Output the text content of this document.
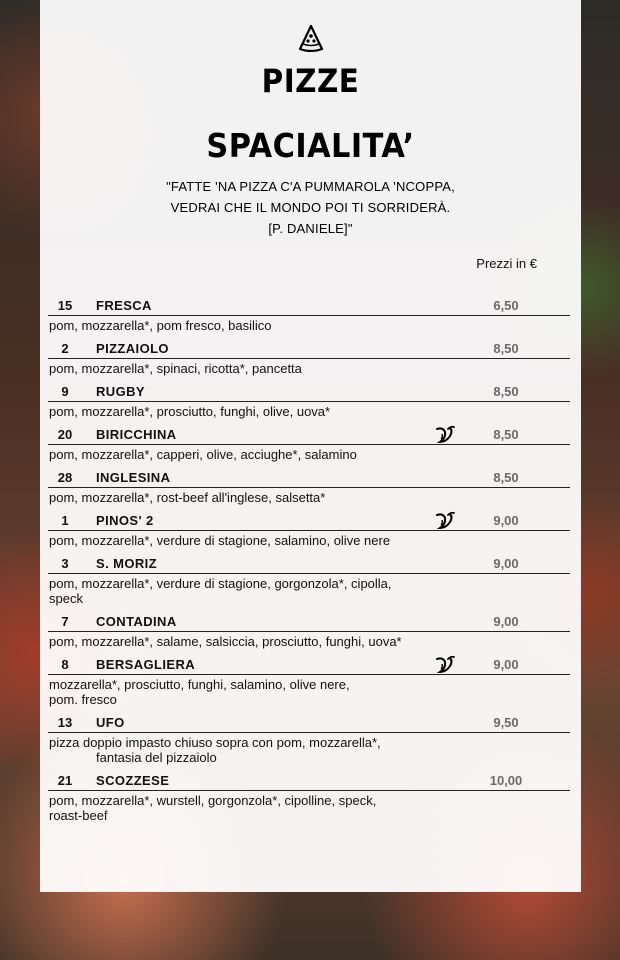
PIZZE
SPACIALITA’
"FATTE 'NA PIZZA C'A PUMMAROLA 'NCOPPA,
VEDRAI CHE IL MONDO POI TI SORRIDERÀ.
[P. DANIELE]"
Prezzi in €
15	FRESCA	6,50
pom, mozzarella*, pom fresco, basilico
2	PIZZAIOLO	8,50
pom, mozzarella*, spinaci, ricotta*, pancetta
9	RUGBY	8,50
pom, mozzarella*, prosciutto, funghi, olive, uova*
20	BIRICCHINA	8,50
pom, mozzarella*, capperi, olive, acciughe*, salamino
28	INGLESINA	8,50
pom, mozzarella*, rost-beef all'inglese, salsetta*
1	PINOS' 2	9,00
pom, mozzarella*, verdure di stagione, salamino, olive nere
3	S. MORIZ	9,00
pom, mozzarella*, verdure di stagione, gorgonzola*, cipolla,
speck
7	CONTADINA	9,00
pom, mozzarella*, salame, salsiccia, prosciutto, funghi, uova*
8	BERSAGLIERA	9,00
mozzarella*, prosciutto, funghi, salamino, olive nere,
pom. fresco
13	UFO	9,50
pizza doppio impasto chiuso sopra con pom, mozzarella*,
fantasia del pizzaiolo
21	SCOZZESE	10,00
pom, mozzarella*, wurstell, gorgonzola*, cipolline, speck,
roast-beef
